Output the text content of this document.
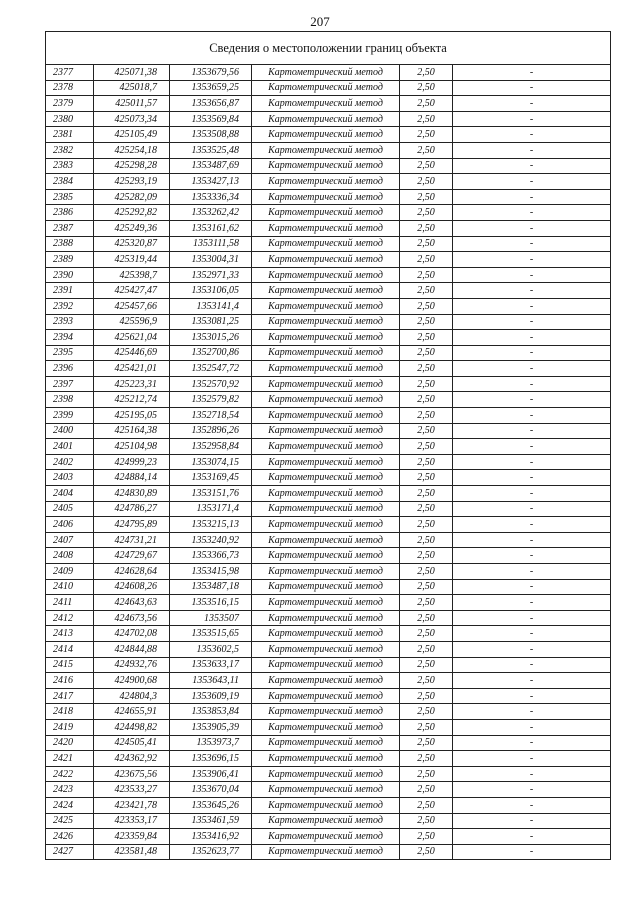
207
Сведения о местоположении границ объекта					
2377	425071,38	1353679,56	Картометрический метод	2,50	-
2378	425018,7	1353659,25	Картометрический метод	2,50	-
2379	425011,57	1353656,87	Картометрический метод	2,50	-
2380	425073,34	1353569,84	Картометрический метод	2,50	-
2381	425105,49	1353508,88	Картометрический метод	2,50	-
2382	425254,18	1353525,48	Картометрический метод	2,50	-
2383	425298,28	1353487,69	Картометрический метод	2,50	-
2384	425293,19	1353427,13	Картометрический метод	2,50	-
2385	425282,09	1353336,34	Картометрический метод	2,50	-
2386	425292,82	1353262,42	Картометрический метод	2,50	-
2387	425249,36	1353161,62	Картометрический метод	2,50	-
2388	425320,87	1353111,58	Картометрический метод	2,50	-
2389	425319,44	1353004,31	Картометрический метод	2,50	-
2390	425398,7	1352971,33	Картометрический метод	2,50	-
2391	425427,47	1353106,05	Картометрический метод	2,50	-
2392	425457,66	1353141,4	Картометрический метод	2,50	-
2393	425596,9	1353081,25	Картометрический метод	2,50	-
2394	425621,04	1353015,26	Картометрический метод	2,50	-
2395	425446,69	1352700,86	Картометрический метод	2,50	-
2396	425421,01	1352547,72	Картометрический метод	2,50	-
2397	425223,31	1352570,92	Картометрический метод	2,50	-
2398	425212,74	1352579,82	Картометрический метод	2,50	-
2399	425195,05	1352718,54	Картометрический метод	2,50	-
2400	425164,38	1352896,26	Картометрический метод	2,50	-
2401	425104,98	1352958,84	Картометрический метод	2,50	-
2402	424999,23	1353074,15	Картометрический метод	2,50	-
2403	424884,14	1353169,45	Картометрический метод	2,50	-
2404	424830,89	1353151,76	Картометрический метод	2,50	-
2405	424786,27	1353171,4	Картометрический метод	2,50	-
2406	424795,89	1353215,13	Картометрический метод	2,50	-
2407	424731,21	1353240,92	Картометрический метод	2,50	-
2408	424729,67	1353366,73	Картометрический метод	2,50	-
2409	424628,64	1353415,98	Картометрический метод	2,50	-
2410	424608,26	1353487,18	Картометрический метод	2,50	-
2411	424643,63	1353516,15	Картометрический метод	2,50	-
2412	424673,56	1353507	Картометрический метод	2,50	-
2413	424702,08	1353515,65	Картометрический метод	2,50	-
2414	424844,88	1353602,5	Картометрический метод	2,50	-
2415	424932,76	1353633,17	Картометрический метод	2,50	-
2416	424900,68	1353643,11	Картометрический метод	2,50	-
2417	424804,3	1353609,19	Картометрический метод	2,50	-
2418	424655,91	1353853,84	Картометрический метод	2,50	-
2419	424498,82	1353905,39	Картометрический метод	2,50	-
2420	424505,41	1353973,7	Картометрический метод	2,50	-
2421	424362,92	1353696,15	Картометрический метод	2,50	-
2422	423675,56	1353906,41	Картометрический метод	2,50	-
2423	423533,27	1353670,04	Картометрический метод	2,50	-
2424	423421,78	1353645,26	Картометрический метод	2,50	-
2425	423353,17	1353461,59	Картометрический метод	2,50	-
2426	423359,84	1353416,92	Картометрический метод	2,50	-
2427	423581,48	1352623,77	Картометрический метод	2,50	-
